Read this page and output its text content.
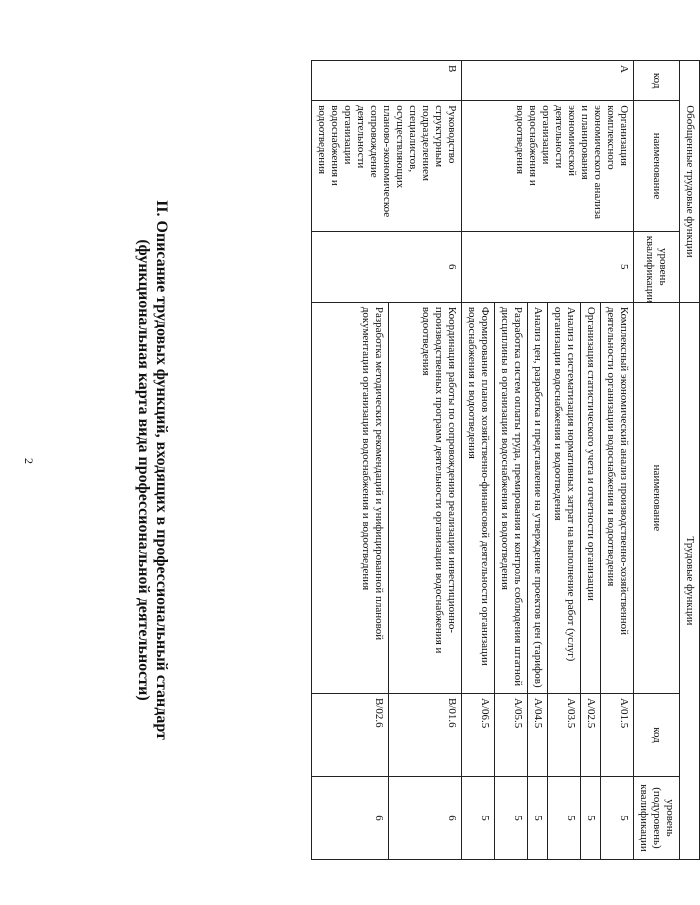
2
Обобщенные трудовые функции			Трудовые функции		
код	наименование	уровень квалификации	наименование	код	уровень (подуровень) квалификации
А	Организация комплексного экономического анализа и планирования экономической деятельности организации водоснабжения и водоотведения	5	Комплексный экономический анализ производственно-хозяйственной деятельности организации водоснабжения и водоотведения	А/01.5	5
			Организация статистического учета и отчетности организации	А/02.5	5
			Анализ и систематизация нормативных затрат на выполнение работ (услуг) организации водоснабжения и водоотведения	А/03.5	5
			Анализ цен, разработка и представление на утверждение проектов цен (тарифов)	А/04.5	5
			Разработка систем оплаты труда, премирования и контроль соблюдения штатной дисциплины в организации водоснабжения и водоотведения	А/05.5	5
			Формирование планов хозяйственно-финансовой деятельности организации водоснабжения и водоотведения	А/06.5	5
В	Руководство структурным подразделением специалистов, осуществляющих планово-экономическое сопровождение деятельности организации водоснабжения и водоотведения	6	Координация работы по сопровождению реализации инвестиционно-производственных программ деятельности организации водоснабжения и водоотведения	В/01.6	6
			Разработка методических рекомендаций и унифицированной плановой документации организации водоснабжения и водоотведения	В/02.6	6
II. Описание трудовых функций, входящих в профессиональный стандарт
(функциональная карта вида профессиональной деятельности)
